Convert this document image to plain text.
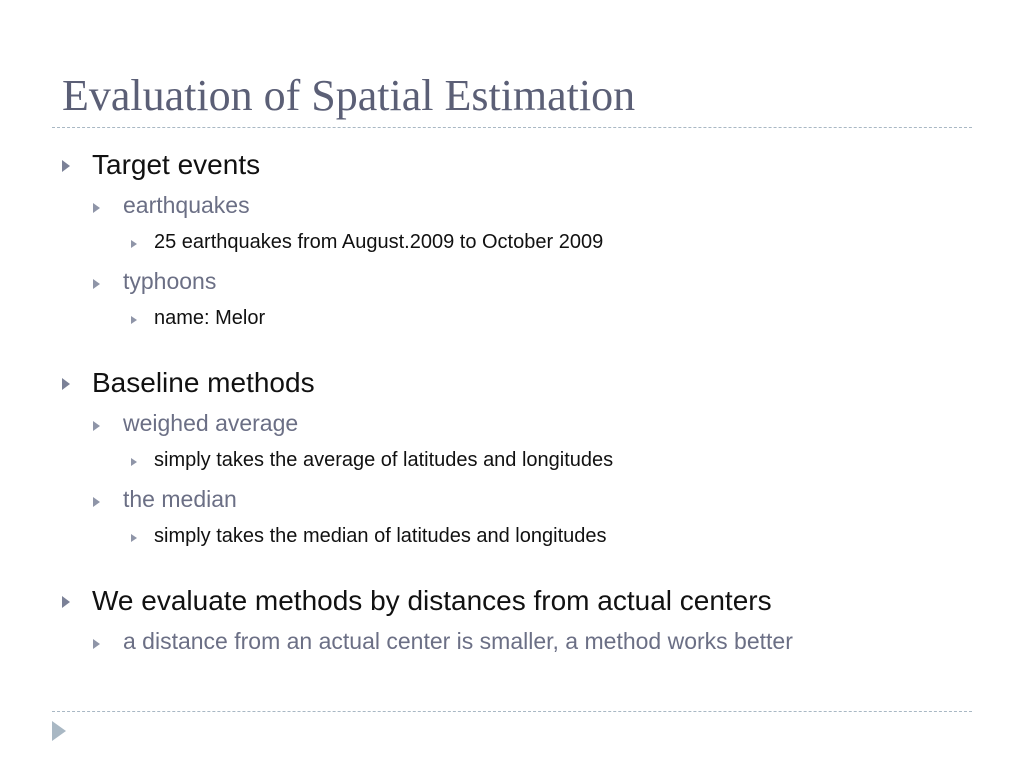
Evaluation of Spatial Estimation
Target events
earthquakes
25 earthquakes from August.2009 to October 2009
typhoons
name: Melor
Baseline methods
weighed average
simply takes the average of latitudes and longitudes
the median
simply takes the median of latitudes and longitudes
We evaluate methods by distances from actual centers
a distance from an actual center is smaller, a method works better
